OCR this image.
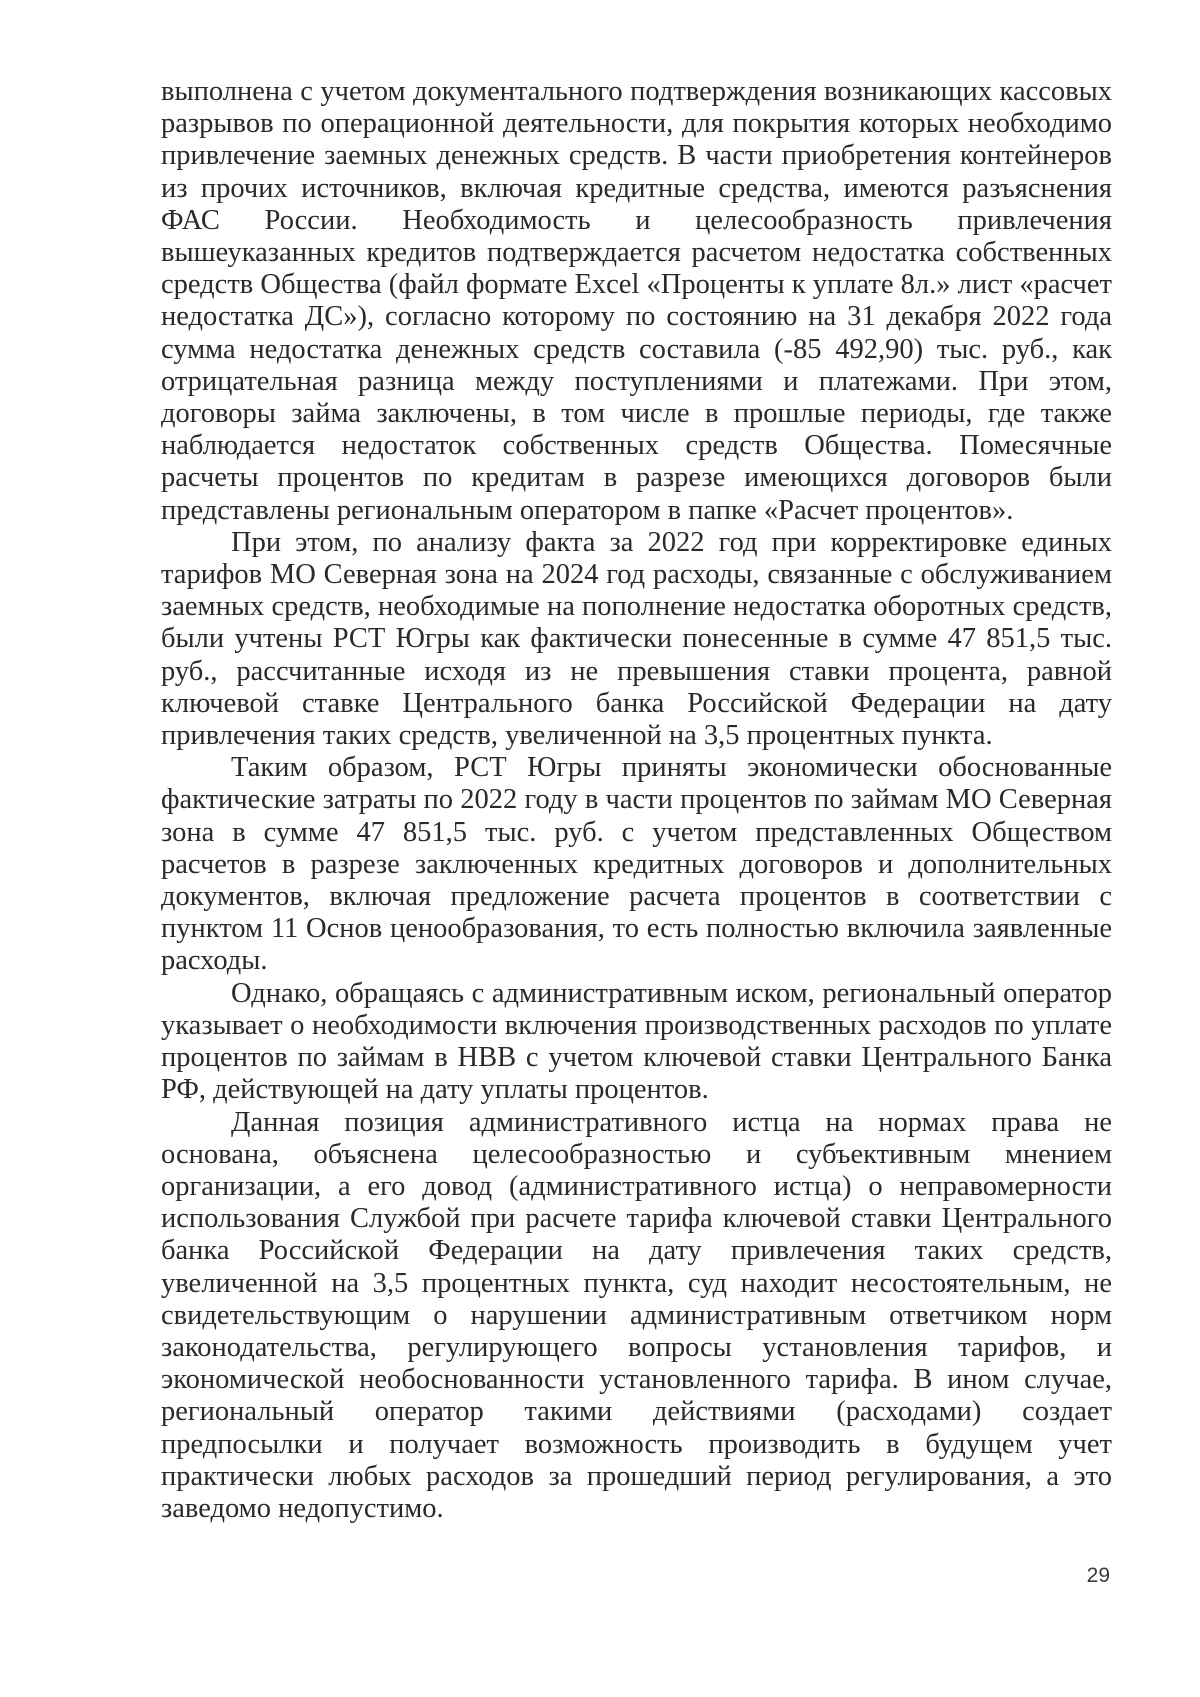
выполнена с учетом документального подтверждения возникающих кассовых разрывов по операционной деятельности, для покрытия которых необходимо привлечение заемных денежных средств. В части приобретения контейнеров из прочих источников, включая кредитные средства, имеются разъяснения ФАС России. Необходимость и целесообразность привлечения вышеуказанных кредитов подтверждается расчетом недостатка собственных средств Общества (файл формате Excel «Проценты к уплате 8л.» лист «расчет недостатка ДС»), согласно которому по состоянию на 31 декабря 2022 года сумма недостатка денежных средств составила (-85 492,90) тыс. руб., как отрицательная разница между поступлениями и платежами. При этом, договоры займа заключены, в том числе в прошлые периоды, где также наблюдается недостаток собственных средств Общества. Помесячные расчеты процентов по кредитам в разрезе имеющихся договоров были представлены региональным оператором в папке «Расчет процентов».

При этом, по анализу факта за 2022 год при корректировке единых тарифов МО Северная зона на 2024 год расходы, связанные с обслуживанием заемных средств, необходимые на пополнение недостатка оборотных средств, были учтены РСТ Югры как фактически понесенные в сумме 47 851,5 тыс. руб., рассчитанные исходя из не превышения ставки процента, равной ключевой ставке Центрального банка Российской Федерации на дату привлечения таких средств, увеличенной на 3,5 процентных пункта.

Таким образом, РСТ Югры приняты экономически обоснованные фактические затраты по 2022 году в части процентов по займам МО Северная зона в сумме 47 851,5 тыс. руб. с учетом представленных Обществом расчетов в разрезе заключенных кредитных договоров и дополнительных документов, включая предложение расчета процентов в соответствии с пунктом 11 Основ ценообразования, то есть полностью включила заявленные расходы.

Однако, обращаясь с административным иском, региональный оператор указывает о необходимости включения производственных расходов по уплате процентов по займам в НВВ с учетом ключевой ставки Центрального Банка РФ, действующей на дату уплаты процентов.

Данная позиция административного истца на нормах права не основана, объяснена целесообразностью и субъективным мнением организации, а его довод (административного истца) о неправомерности использования Службой при расчете тарифа ключевой ставки Центрального банка Российской Федерации на дату привлечения таких средств, увеличенной на 3,5 процентных пункта, суд находит несостоятельным, не свидетельствующим о нарушении административным ответчиком норм законодательства, регулирующего вопросы установления тарифов, и экономической необоснованности установленного тарифа. В ином случае, региональный оператор такими действиями (расходами) создает предпосылки и получает возможность производить в будущем учет практически любых расходов за прошедший период регулирования, а это заведомо недопустимо.

29
